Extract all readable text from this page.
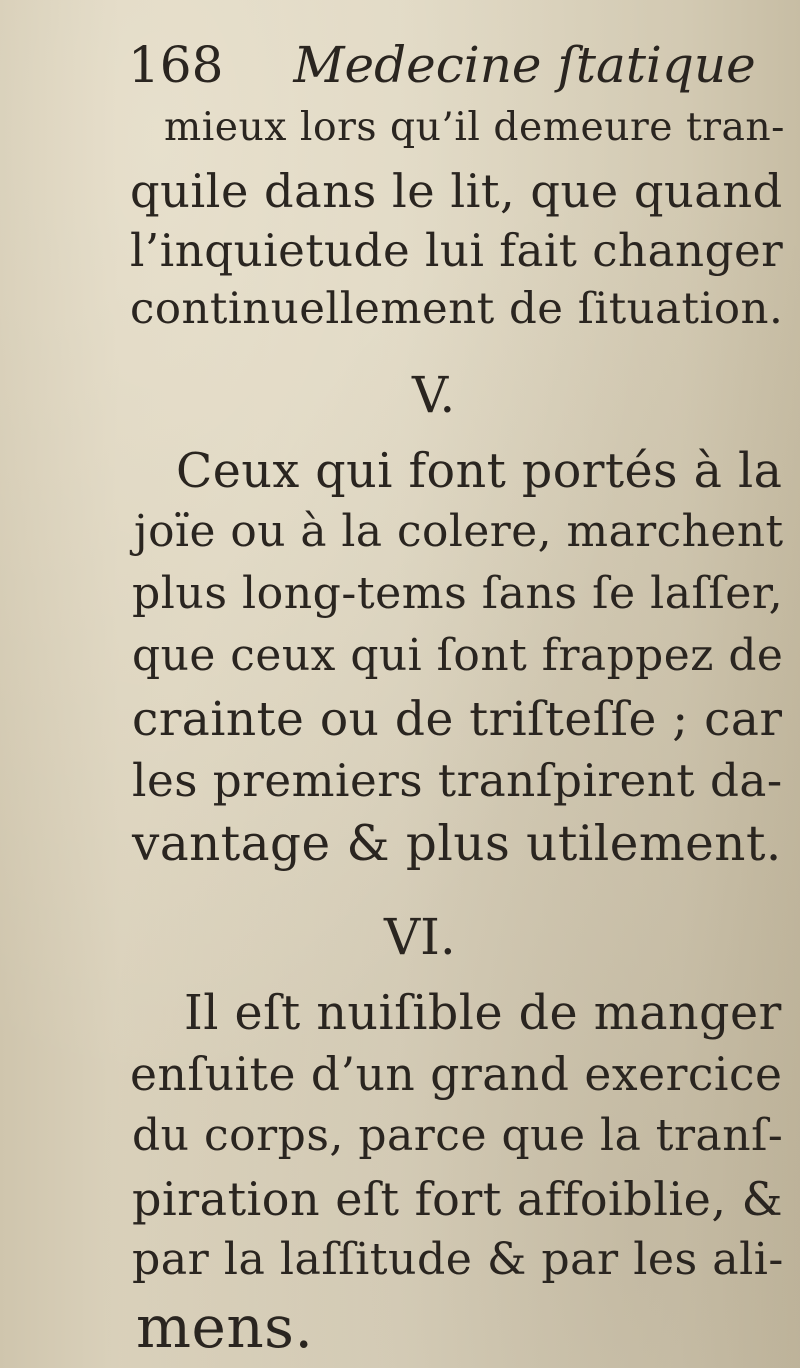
168 Medecine ſtatique
mieux lors qu’il demeure tran-
quile dans le lit, que quand
l’inquietude lui fait changer
continuellement de ſituation.
V.
Ceux qui font portés à la
joïe ou à la colere, marchent
plus long-tems ſans ſe laſſer,
que ceux qui ſont frappez de
crainte ou de triſteſſe ; car
les premiers tranſpirent da-
vantage & plus utilement.
VI.
Il eſt nuiſible de manger
enſuite d’un grand exercice
du corps, parce que la tranſ-
piration eſt fort affoiblie, &
par la laſſitude & par les ali-
mens.
